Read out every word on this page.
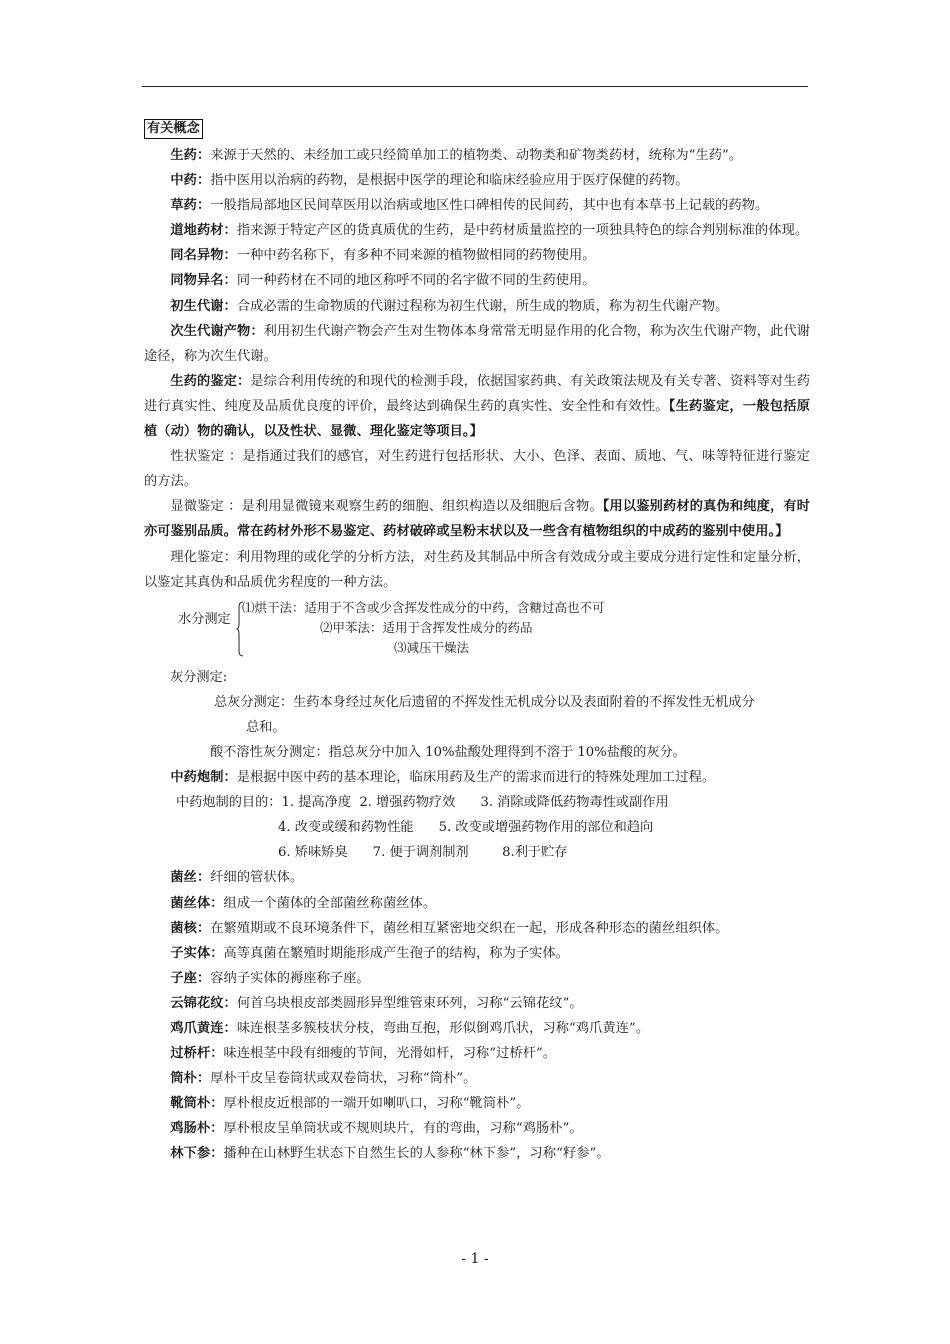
有关概念

生药：来源于天然的、未经加工或只经简单加工的植物类、动物类和矿物类药材，统称为“生药”。

中药：指中医用以治病的药物，是根据中医学的理论和临床经验应用于医疗保健的药物。

草药：一般指局部地区民间草医用以治病或地区性口碑相传的民间药，其中也有本草书上记载的药物。

道地药材：指来源于特定产区的货真质优的生药，是中药材质量监控的一项独具特色的综合判别标准的体现。

同名异物：一种中药名称下，有多种不同来源的植物做相同的药物使用。

同物异名：同一种药材在不同的地区称呼不同的名字做不同的生药使用。

初生代谢：合成必需的生命物质的代谢过程称为初生代谢，所生成的物质，称为初生代谢产物。

次生代谢产物：利用初生代谢产物会产生对生物体本身常常无明显作用的化合物，称为次生代谢产物，此代谢途径，称为次生代谢。

生药的鉴定：是综合利用传统的和现代的检测手段，依据国家药典、有关政策法规及有关专著、资料等对生药进行真实性、纯度及品质优良度的评价，最终达到确保生药的真实性、安全性和有效性。【生药鉴定，一般包括原植（动）物的确认，以及性状、显微、理化鉴定等项目。】

性状鉴定 ：是指通过我们的感官，对生药进行包括形状、大小、色泽、表面、质地、气、味等特征进行鉴定的方法。

显微鉴定 ：是利用显微镜来观察生药的细胞、组织构造以及细胞后含物。【用以鉴别药材的真伪和纯度，有时亦可鉴别品质。常在药材外形不易鉴定、药材破碎或呈粉末状以及一些含有植物组织的中成药的鉴别中使用。】

理化鉴定：利用物理的或化学的分析方法，对生药及其制品中所含有效成分或主要成分进行定性和定量分析，以鉴定其真伪和品质优劣程度的一种方法。

水分测定
⑴烘干法：适用于不含或少含挥发性成分的中药，含糖过高也不可
⑵甲苯法：适用于含挥发性成分的药品
⑶减压干燥法

灰分测定:

总灰分测定：生药本身经过灰化后遗留的不挥发性无机成分以及表面附着的不挥发性无机成分

总和。

酸不溶性灰分测定：指总灰分中加入 10%盐酸处理得到不溶于 10%盐酸的灰分。

中药炮制：是根据中医中药的基本理论，临床用药及生产的需求而进行的特殊处理加工过程。

中药炮制的目的：1. 提高净度  2. 增强药物疗效      3. 消除或降低药物毒性或副作用

4. 改变或缓和药物性能      5. 改变或增强药物作用的部位和趋向

6. 矫味矫臭      7. 便于调剂制剂        8.利于贮存

菌丝：纤细的管状体。

菌丝体：组成一个菌体的全部菌丝称菌丝体。

菌核：在繁殖期或不良环境条件下，菌丝相互紧密地交织在一起，形成各种形态的菌丝组织体。

子实体：高等真菌在繁殖时期能形成产生孢子的结构，称为子实体。

子座：容纳子实体的褥座称子座。

云锦花纹：何首乌块根皮部类圆形异型维管束环列，习称“云锦花纹”。

鸡爪黄连：味连根茎多簇枝状分枝，弯曲互抱，形似倒鸡爪状，习称“鸡爪黄连”。

过桥杆：味连根茎中段有细瘦的节间，光滑如杆，习称“过桥杆”。

筒朴：厚朴干皮呈卷筒状或双卷筒状，习称“筒朴”。

靴筒朴：厚朴根皮近根部的一端开如喇叭口，习称“靴筒朴”。

鸡肠朴：厚朴根皮呈单筒状或不规则块片，有的弯曲，习称“鸡肠朴”。

林下参：播种在山林野生状态下自然生长的人参称“林下参”，习称“籽参”。

- 1 -
